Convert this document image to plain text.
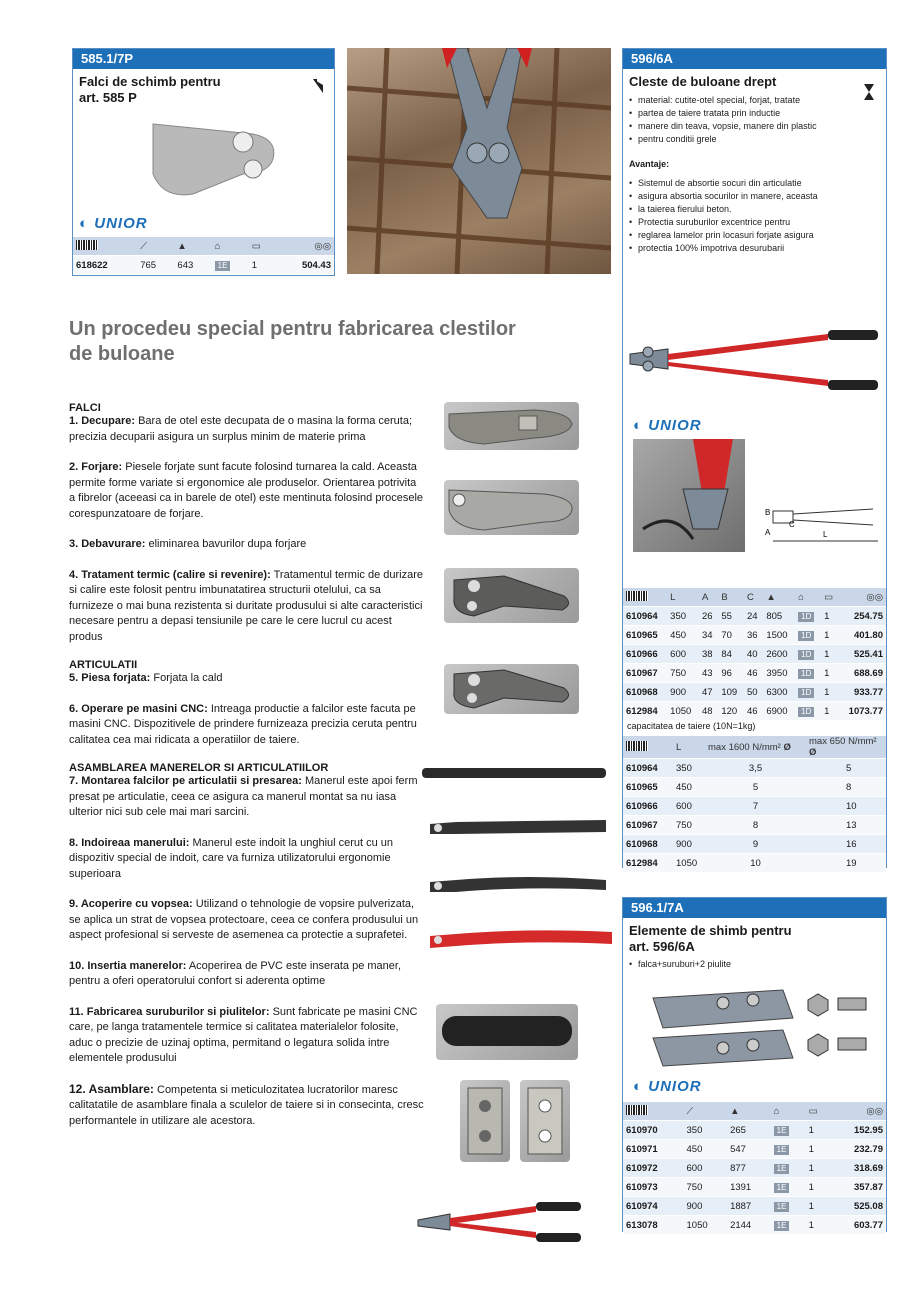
585.1/7P
Falci de schimb pentru
art. 585 P
◐ UNIOR
	⟋	▲	⌂	▭	◎◎
618622	765	643	1E	1	504.43
596/6A
Cleste de buloane drept
• material: cutite-otel special, forjat, tratate
• partea de taiere tratata prin inductie
• manere din teava, vopsie, manere din plastic
• pentru conditii grele
Avantaje:
• Sistemul de absortie socuri din articulatie
• asigura absortia socurilor in manere, aceasta
• la taierea fierului beton.
• Protectia suruburilor excentrice pentru
• reglarea lamelor prin locasuri forjate asigura
• protectia 100% impotriva desurubarii
◐ UNIOR
B
C
A	L
	L	A	B	C	▲	⌂	▭	◎◎
610964	350	26	55	24	805	1D	1	254.75
610965	450	34	70	36	1500	1D	1	401.80
610966	600	38	84	40	2600	1D	1	525.41
610967	750	43	96	46	3950	1D	1	688.69
610968	900	47	109	50	6300	1D	1	933.77
612984	1050	48	120	46	6900	1D	1	1073.77
capacitatea de taiere (10N=1kg)
	L	max 1600 N/mm² Ø	max 650 N/mm² Ø
610964	350	3,5	5
610965	450	5	8
610966	600	7	10
610967	750	8	13
610968	900	9	16
612984	1050	10	19
596.1/7A
Elemente de shimb pentru
art. 596/6A
• falca+suruburi+2 piulite
◐ UNIOR
	⟋	▲	⌂	▭	◎◎
610970	350	265	1E	1	152.95
610971	450	547	1E	1	232.79
610972	600	877	1E	1	318.69
610973	750	1391	1E	1	357.87
610974	900	1887	1E	1	525.08
613078	1050	2144	1E	1	603.77
Un procedeu special pentru fabricarea clestilor
de buloane
FALCI
1. Decupare: Bara de otel este decupata de o masina la forma ceruta; precizia decuparii asigura un surplus minim de materie prima
2. Forjare: Piesele forjate sunt facute folosind turnarea la cald. Aceasta permite forme variate si ergonomice ale produselor. Orientarea potrivita a fibrelor (aceeasi ca in barele de otel) este mentinuta folosind procesele corespunzatoare de forjare.
3. Debavurare: eliminarea bavurilor dupa forjare
4. Tratament termic (calire si revenire): Tratamentul termic de durizare si calire este folosit pentru imbunatatirea structurii otelului, ca sa furnizeze o mai buna rezistenta si duritate produsului si alte caracteristici necesare pentru a depasi tensiunile pe care le cere lucrul cu acest produs
ARTICULATII
5. Piesa forjata: Forjata la cald
6. Operare pe masini CNC: Intreaga productie a falcilor este facuta pe masini CNC. Dispozitivele de prindere furnizeaza precizia ceruta pentru calitatea cea mai ridicata a operatiilor de taiere.
ASAMBLAREA MANERELOR SI ARTICULATIILOR
7. Montarea falcilor pe articulatii si presarea: Manerul este apoi ferm presat pe articulatie, ceea ce asigura ca manerul montat sa nu iasa ulterior nici sub cele mai mari sarcini.
8. Indoireaa manerului: Manerul este indoit la unghiul cerut cu un dispozitiv special de indoit, care va furniza utilizatorului ergonomie superioara
9. Acoperire cu vopsea: Utilizand o tehnologie de vopsire pulverizata, se aplica un strat de vopsea protectoare, ceea ce confera produsului un aspect profesional si serveste de asemenea ca protectie a suprafetei.
10. Insertia manerelor: Acoperirea de PVC este inserata pe maner, pentru a oferi operatorului confort si aderenta optime
11. Fabricarea suruburilor si piulitelor: Sunt fabricate pe masini CNC care, pe langa tratamentele termice si calitatea materialelor folosite, aduc o precizie de uzinaj optima, permitand o legatura solida intre elementele produsului
12. Asamblare: Competenta si meticulozitatea lucratorilor maresc calitatatile de asamblare finala a sculelor de taiere si in consecinta, cresc performantele in utilizare ale acestora.
